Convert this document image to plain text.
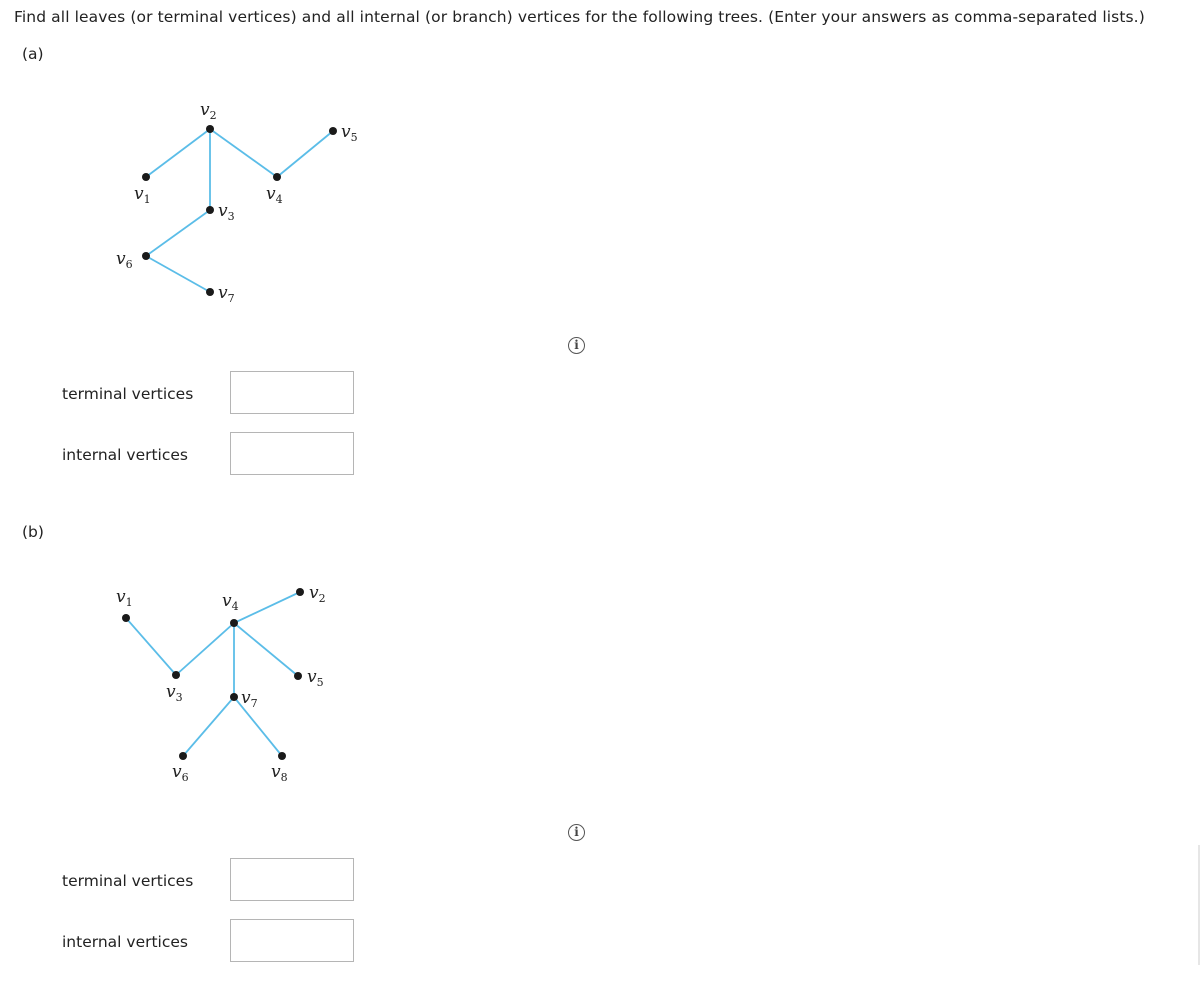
Find all leaves (or terminal vertices) and all internal (or branch) vertices for the following trees. (Enter your answers as comma-separated lists.)
(a)
$v_1$
$v_2$
$v_3$
$v_4$
$v_5$
$v_6$
$v_7$
i
terminal vertices
internal vertices
(b)
$v_1$	$v_2$
$v_3$
$v_4$
$v_5$
$v_6$
$v_7$
$v_8$
i
terminal vertices
internal vertices
